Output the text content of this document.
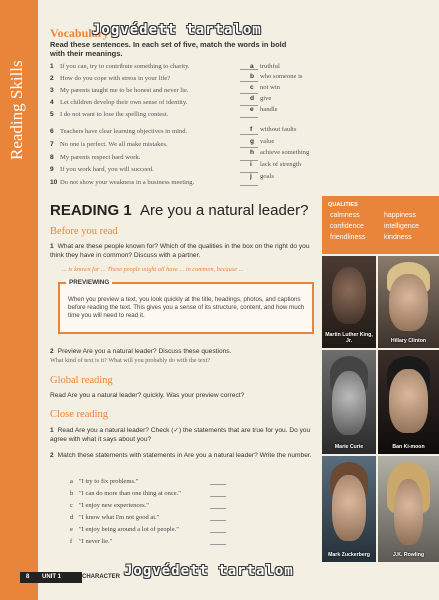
Reading Skills
Vocabulary
Read these sentences. In each set of five, match the words in bold with their meanings.
1 If you can, try to contribute something to charity.
2 How do you cope with stress in your life?
3 My parents taught me to be honest and never lie.
4 Let children develop their own sense of identity.
5 I do not want to lose the spelling contest.
6 Teachers have clear learning objectives in mind.
7 No one is perfect. We all make mistakes.
8 My parents respect hard work.
9 If you work hard, you will succeed.
10 Do not show your weakness in a business meeting.
a truthful
b who someone is
c not win
d give
e handle
f without faults
g value
h achieve something
i lack of strength
j goals
READING 1 Are you a natural leader?
Before you read
1 What are these people known for? Which of the qualities in the box on the right do you think they have in common? Discuss with a partner.
... is known for ... These people might all have ... in common, because ...
PREVIEWING
When you preview a text, you look quickly at the title, headings, photos, and captions before reading the text. This gives you a sense of its structure, content, and how much time you will need to read it.
2 Preview Are you a natural leader? Discuss these questions.
What kind of text is it? What will you probably do with the text?
Global reading
Read Are you a natural leader? quickly. Was your preview correct?
Close reading
1 Read Are you a natural leader? Check (✓) the statements that are true for you. Do you agree with what it says about you?
2 Match these statements with statements in Are you a natural leader? Write the number.
a "I try to fix problems."
b "I can do more than one thing at once."
c "I enjoy new experiences."
d "I know what I'm not good at."
e "I enjoy being around a lot of people."
f "I never lie."
QUALITIES
calmness	happiness
confidence	intelligence
friendliness	kindness
Martin Luther King, Jr.	Hillary Clinton
Marie Curie	Ban Ki-moon
Mark Zuckerberg	J.K. Rowling
8 UNIT 1	CHARACTER
Jogvédett tartalom
Jogvédett tartalom
